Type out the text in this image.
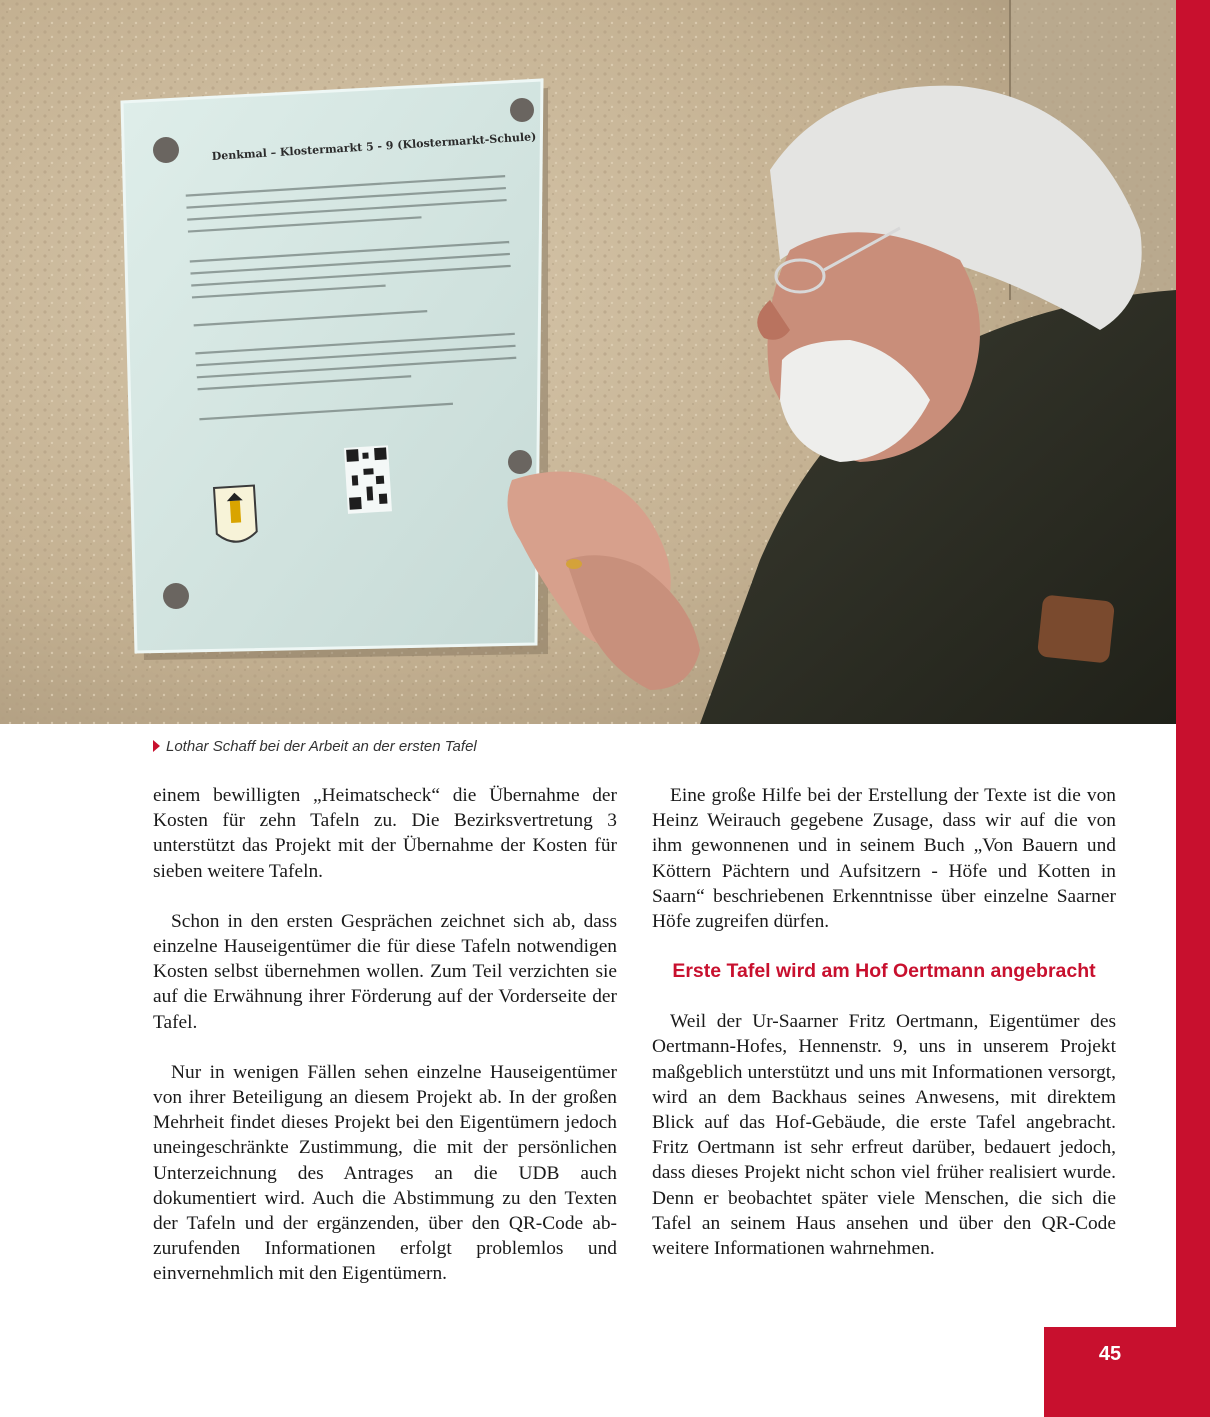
Denkmal – Klostermarkt 5 - 9 (Klostermarkt-Schule)
Lothar Schaff bei der Arbeit an der ersten Tafel

einem bewilligten „Heimatscheck“ die Übernahme der Kosten für zehn Tafeln zu. Die Bezirksvertretung 3 unterstützt das Projekt mit der Übernahme der Kosten für sieben weitere Tafeln.

Schon in den ersten Gesprächen zeichnet sich ab, dass einzelne Hauseigentümer die für diese Tafeln notwendigen Kosten selbst übernehmen wollen. Zum Teil verzichten sie auf die Erwähnung ihrer Förderung auf der Vorderseite der Tafel.

Nur in wenigen Fällen sehen einzelne Hauseigentümer von ihrer Beteiligung an diesem Projekt ab. In der großen Mehrheit findet dieses Projekt bei den Eigentümern jedoch uneingeschränkte Zustimmung, die mit der persönlichen Unterzeichnung des Antrages an die UDB auch dokumentiert wird. Auch die Abstimmung zu den Texten der Tafeln und der ergänzenden, über den QR-Code abzurufenden Informationen erfolgt problemlos und einvernehmlich mit den Eigentümern.

Eine große Hilfe bei der Erstellung der Texte ist die von Heinz Weirauch gegebene Zusage, dass wir auf die von ihm gewonnenen und in seinem Buch „Von Bauern und Köttern Pächtern und Aufsitzern - Höfe und Kotten in Saarn“ beschriebenen Erkenntnisse über einzelne Saarner Höfe zugreifen dürfen.

Erste Tafel wird am Hof Oertmann angebracht

Weil der Ur-Saarner Fritz Oertmann, Eigentümer des Oertmann-Hofes, Hennenstr. 9, uns in unserem Projekt maßgeblich unterstützt und uns mit Informationen versorgt, wird an dem Backhaus seines Anwesens, mit direktem Blick auf das Hof-Gebäude, die erste Tafel angebracht. Fritz Oertmann ist sehr erfreut darüber, bedauert jedoch, dass dieses Projekt nicht schon viel früher realisiert wurde. Denn er beobachtet später viele Menschen, die sich die Tafel an seinem Haus ansehen und über den QR-Code weitere Informationen wahrnehmen.

45
